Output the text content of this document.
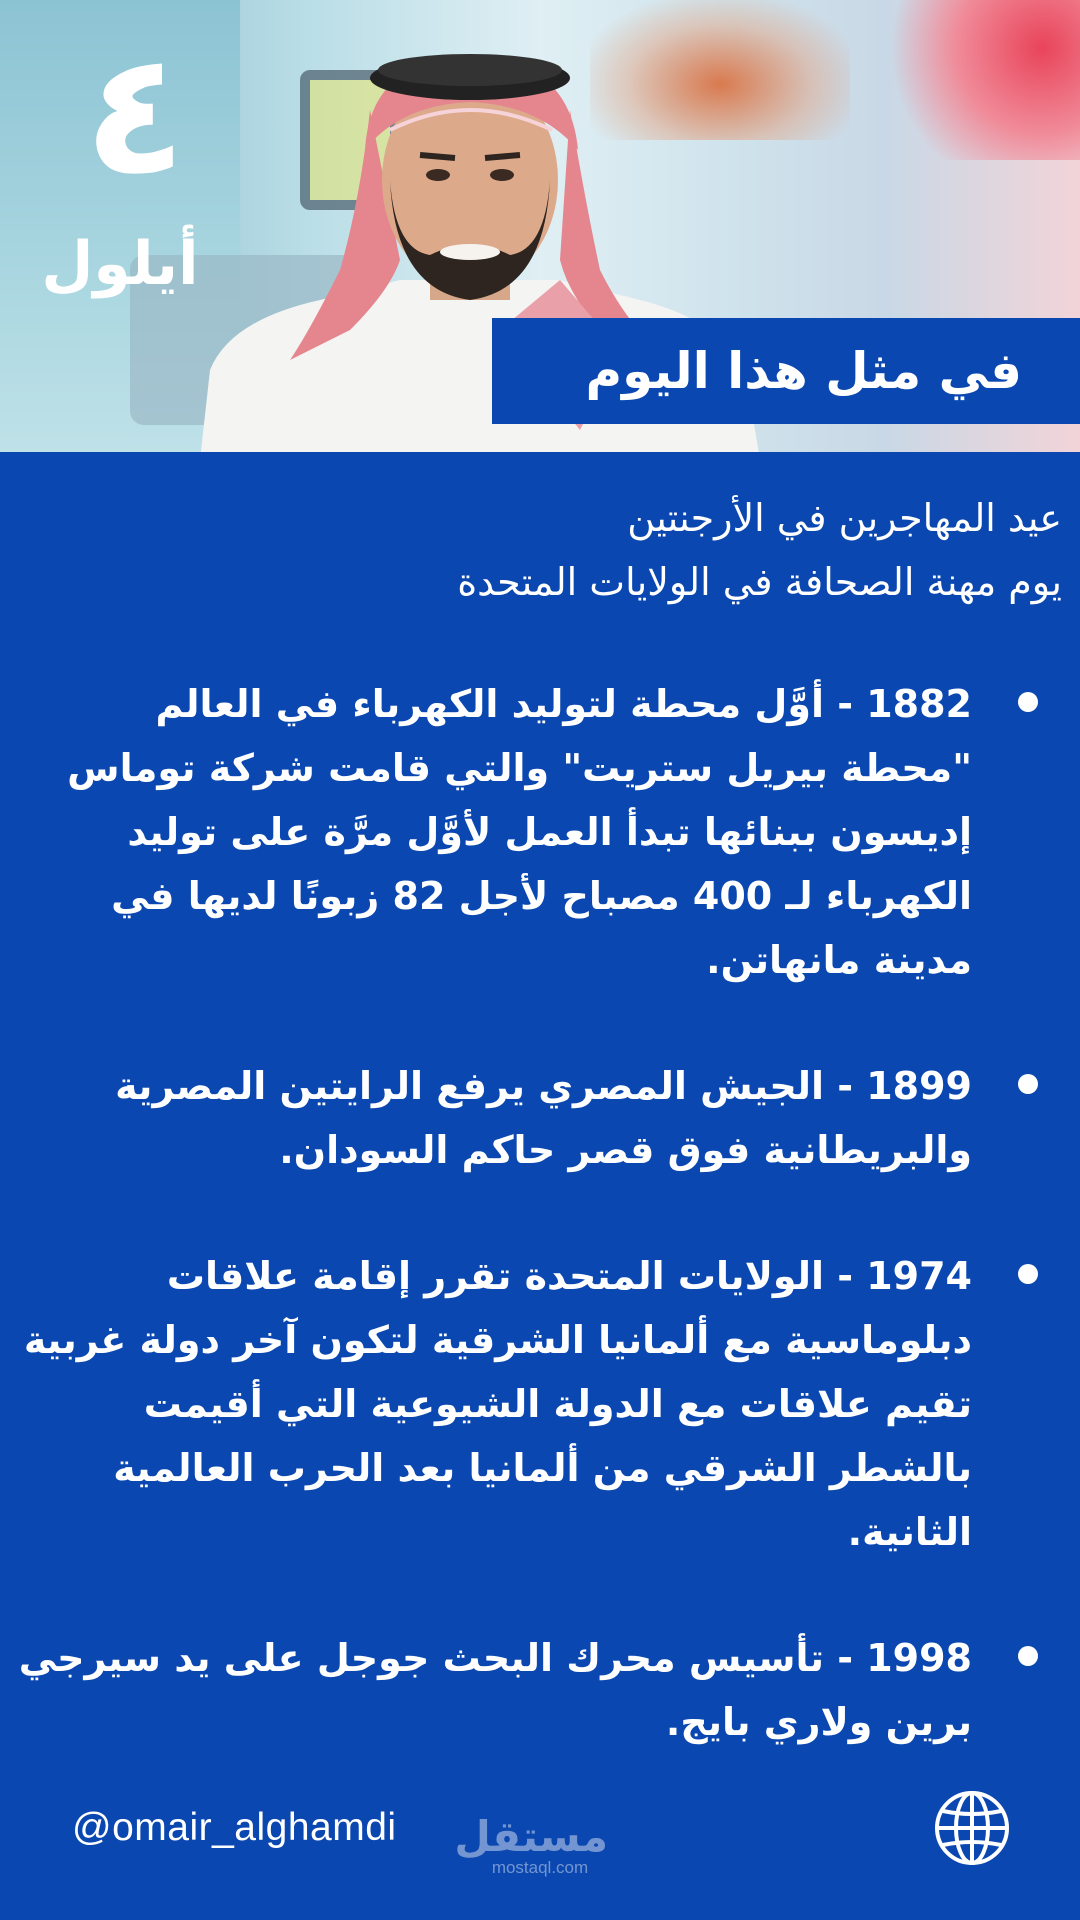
٤
أيلول
في مثل هذا اليوم
عيد المهاجرين في الأرجنتين
يوم مهنة الصحافة في الولايات المتحدة
1882 - أوَّل محطة لتوليد الكهرباء في العالم "محطة بيريل ستريت" والتي قامت شركة توماس إديسون ببنائها تبدأ العمل لأوَّل مرَّة على توليد الكهرباء لـ 400 مصباح لأجل 82 زبونًا لديها في مدينة مانهاتن.
1899 - الجيش المصري يرفع الرايتين المصرية والبريطانية فوق قصر حاكم السودان.
1974 - الولايات المتحدة تقرر إقامة علاقات دبلوماسية مع ألمانيا الشرقية لتكون آخر دولة غربية تقيم علاقات مع الدولة الشيوعية التي أقيمت بالشطر الشرقي من ألمانيا بعد الحرب العالمية الثانية.
1998 - تأسيس محرك البحث جوجل على يد سيرجي برين ولاري بايج.
@omair_alghamdi مستقل
mostaql.com
